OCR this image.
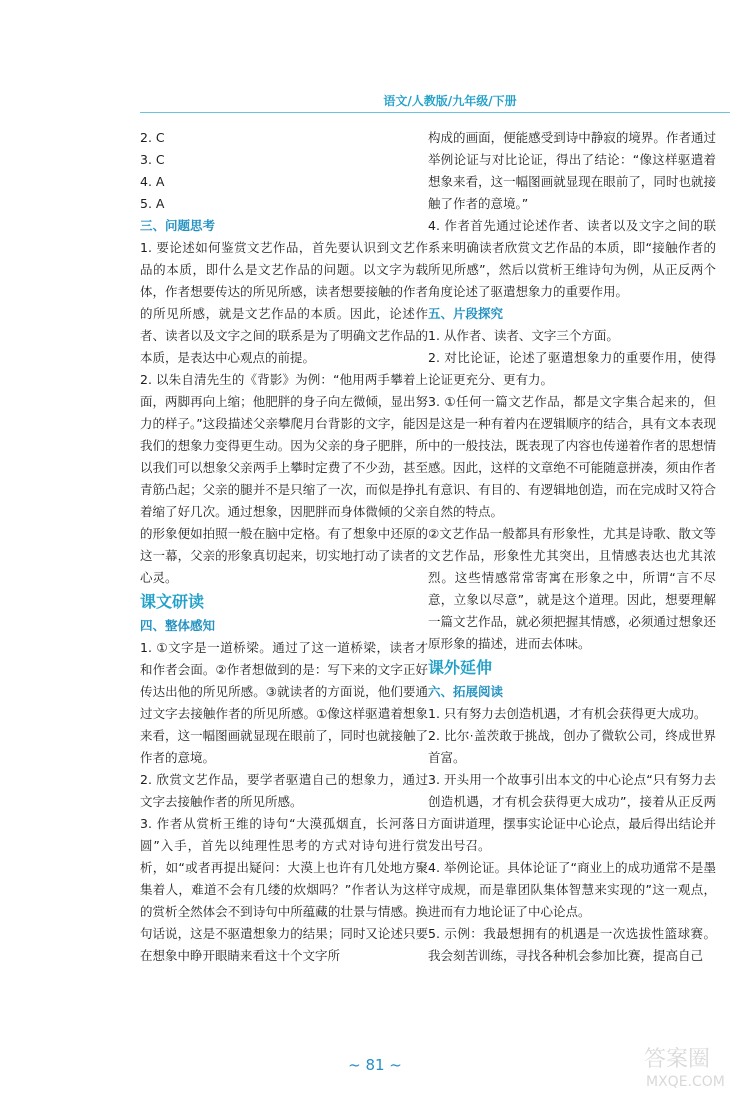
语文/人教版/九年级/下册

2. C

3. C

4. A

5. A

三、问题思考

1. 要论述如何鉴赏文艺作品，首先要认识到文艺作品的本质，即什么是文艺作品的问题。以文字为载体，作者想要传达的所见所感，读者想要接触的作者的所见所感，就是文艺作品的本质。因此，论述作者、读者以及文字之间的联系是为了明确文艺作品的本质，是表达中心观点的前提。

2. 以朱自清先生的《背影》为例：“他用两手攀着上面，两脚再向上缩；他肥胖的身子向左微倾，显出努力的样子。”这段描述父亲攀爬月台背影的文字，能因我们的想象力变得更生动。因为父亲的身子肥胖，所以我们可以想象父亲两手上攀时定费了不少劲，甚至青筋凸起；父亲的腿并不是只缩了一次，而似是挣扎着缩了好几次。通过想象，因肥胖而身体微倾的父亲的形象便如拍照一般在脑中定格。有了想象中还原的这一幕，父亲的形象真切起来，切实地打动了读者的心灵。

课文研读

四、整体感知

1. ①文字是一道桥梁。通过了这一道桥梁，读者才和作者会面。②作者想做到的是：写下来的文字正好传达出他的所见所感。③就读者的方面说，他们要通过文字去接触作者的所见所感。①像这样驱遣着想象来看，这一幅图画就显现在眼前了，同时也就接触了作者的意境。

2. 欣赏文艺作品，要学者驱遣自己的想象力，通过文字去接触作者的所见所感。

3. 作者从赏析王维的诗句“大漠孤烟直，长河落日圆”入手，首先以纯理性思考的方式对诗句进行赏析，如“或者再提出疑问：大漠上也许有几处地方聚集着人，难道不会有几缕的炊烟吗？”作者认为这样的赏析全然体会不到诗句中所蕴藏的壮景与情感。换句话说，这是不驱遣想象力的结果；同时又论述只要在想象中睁开眼睛来看这十个文字所

构成的画面，便能感受到诗中静寂的境界。作者通过举例论证与对比论证，得出了结论：“像这样驱遣着想象来看，这一幅图画就显现在眼前了，同时也就接触了作者的意境。”

4. 作者首先通过论述作者、读者以及文字之间的联系来明确读者欣赏文艺作品的本质，即“接触作者的所见所感”，然后以赏析王维诗句为例，从正反两个角度论述了驱遣想象力的重要作用。

五、片段探究

1. 从作者、读者、文字三个方面。

2. 对比论证，论述了驱遣想象力的重要作用，使得论证更充分、更有力。

3. ①任何一篇文艺作品，都是文字集合起来的，但是这是一种有着内在逻辑顺序的结合，具有文本表现中的一般技法，既表现了内容也传递着作者的思想情感。因此，这样的文章绝不可能随意拼凑，须由作者有意识、有目的、有逻辑地创造，而在完成时又符合自然的特点。

②文艺作品一般都具有形象性，尤其是诗歌、散文等文艺作品，形象性尤其突出，且情感表达也尤其浓烈。这些情感常常寄寓在形象之中，所谓“言不尽意，立象以尽意”，就是这个道理。因此，想要理解一篇文艺作品，就必须把握其情感，必须通过想象还原形象的描述，进而去体味。

课外延伸

六、拓展阅读

1. 只有努力去创造机遇，才有机会获得更大成功。

2. 比尔·盖茨敢于挑战，创办了微软公司，终成世界首富。

3. 开头用一个故事引出本文的中心论点“只有努力去创造机遇，才有机会获得更大成功”，接着从正反两方面讲道理，摆事实论证中心论点，最后得出结论并发出号召。

4. 举例论证。具体论证了“商业上的成功通常不是墨守成规，而是靠团队集体智慧来实现的”这一观点，进而有力地论证了中心论点。

5. 示例：我最想拥有的机遇是一次选拔性篮球赛。我会刻苦训练，寻找各种机会参加比赛，提高自己

~ 81 ~	答案圈
MXQE.COM
